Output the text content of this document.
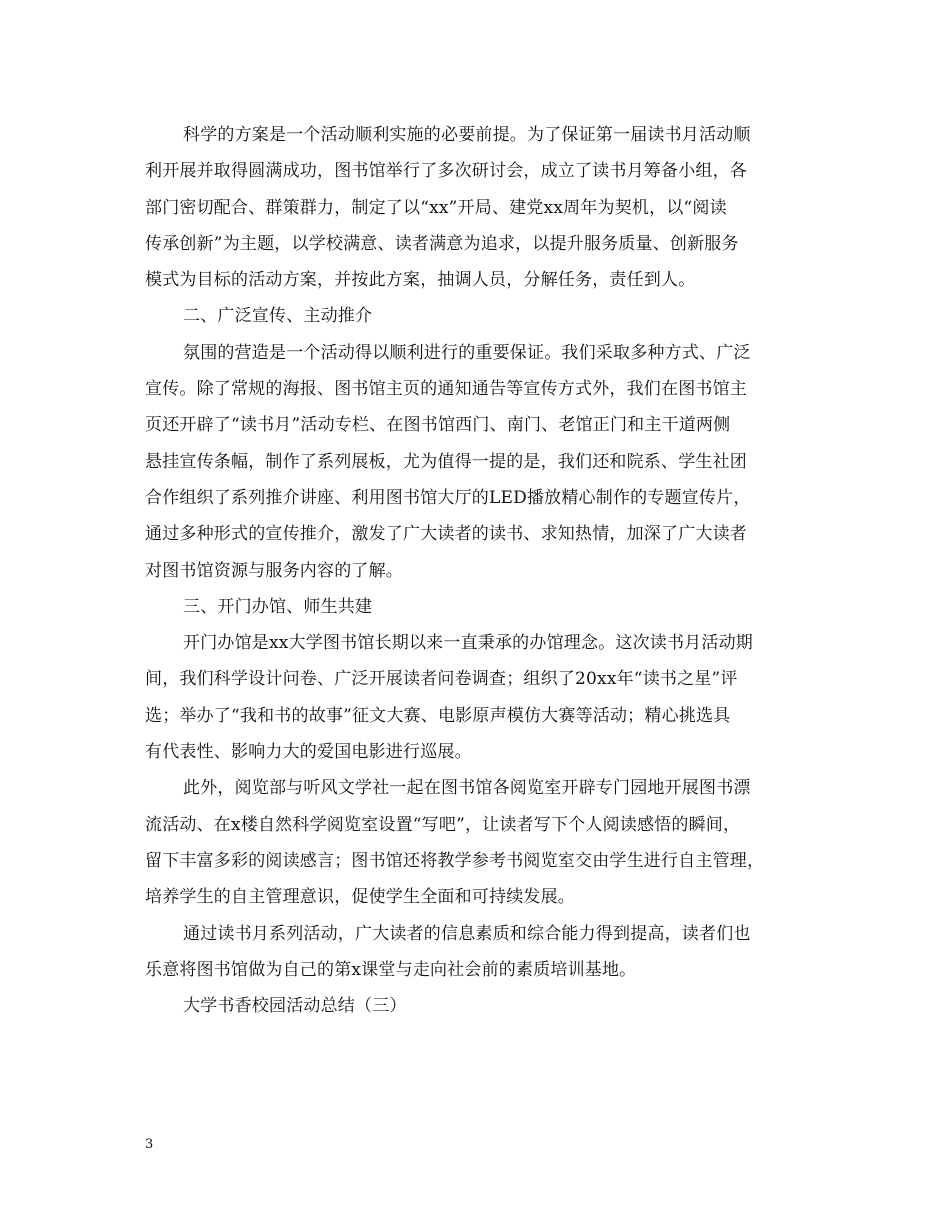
科学的方案是一个活动顺利实施的必要前提。为了保证第一届读书月活动顺
利开展并取得圆满成功，图书馆举行了多次研讨会，成立了读书月筹备小组，各
部门密切配合、群策群力，制定了以“xx”开局、建党xx周年为契机，以“阅读
传承创新”为主题，以学校满意、读者满意为追求，以提升服务质量、创新服务
模式为目标的活动方案，并按此方案，抽调人员，分解任务，责任到人。
二、广泛宣传、主动推介
氛围的营造是一个活动得以顺利进行的重要保证。我们采取多种方式、广泛
宣传。除了常规的海报、图书馆主页的通知通告等宣传方式外，我们在图书馆主
页还开辟了“读书月”活动专栏、在图书馆西门、南门、老馆正门和主干道两侧
悬挂宣传条幅，制作了系列展板，尤为值得一提的是，我们还和院系、学生社团
合作组织了系列推介讲座、利用图书馆大厅的LED播放精心制作的专题宣传片，
通过多种形式的宣传推介，激发了广大读者的读书、求知热情，加深了广大读者
对图书馆资源与服务内容的了解。
三、开门办馆、师生共建
开门办馆是xx大学图书馆长期以来一直秉承的办馆理念。这次读书月活动期
间，我们科学设计问卷、广泛开展读者问卷调查；组织了20xx年“读书之星”评
选；举办了“我和书的故事”征文大赛、电影原声模仿大赛等活动；精心挑选具
有代表性、影响力大的爱国电影进行巡展。
此外，阅览部与听风文学社一起在图书馆各阅览室开辟专门园地开展图书漂
流活动、在x楼自然科学阅览室设置“写吧”，让读者写下个人阅读感悟的瞬间，
留下丰富多彩的阅读感言；图书馆还将教学参考书阅览室交由学生进行自主管理，
培养学生的自主管理意识，促使学生全面和可持续发展。
通过读书月系列活动，广大读者的信息素质和综合能力得到提高，读者们也
乐意将图书馆做为自己的第x课堂与走向社会前的素质培训基地。
大学书香校园活动总结（三）
3
